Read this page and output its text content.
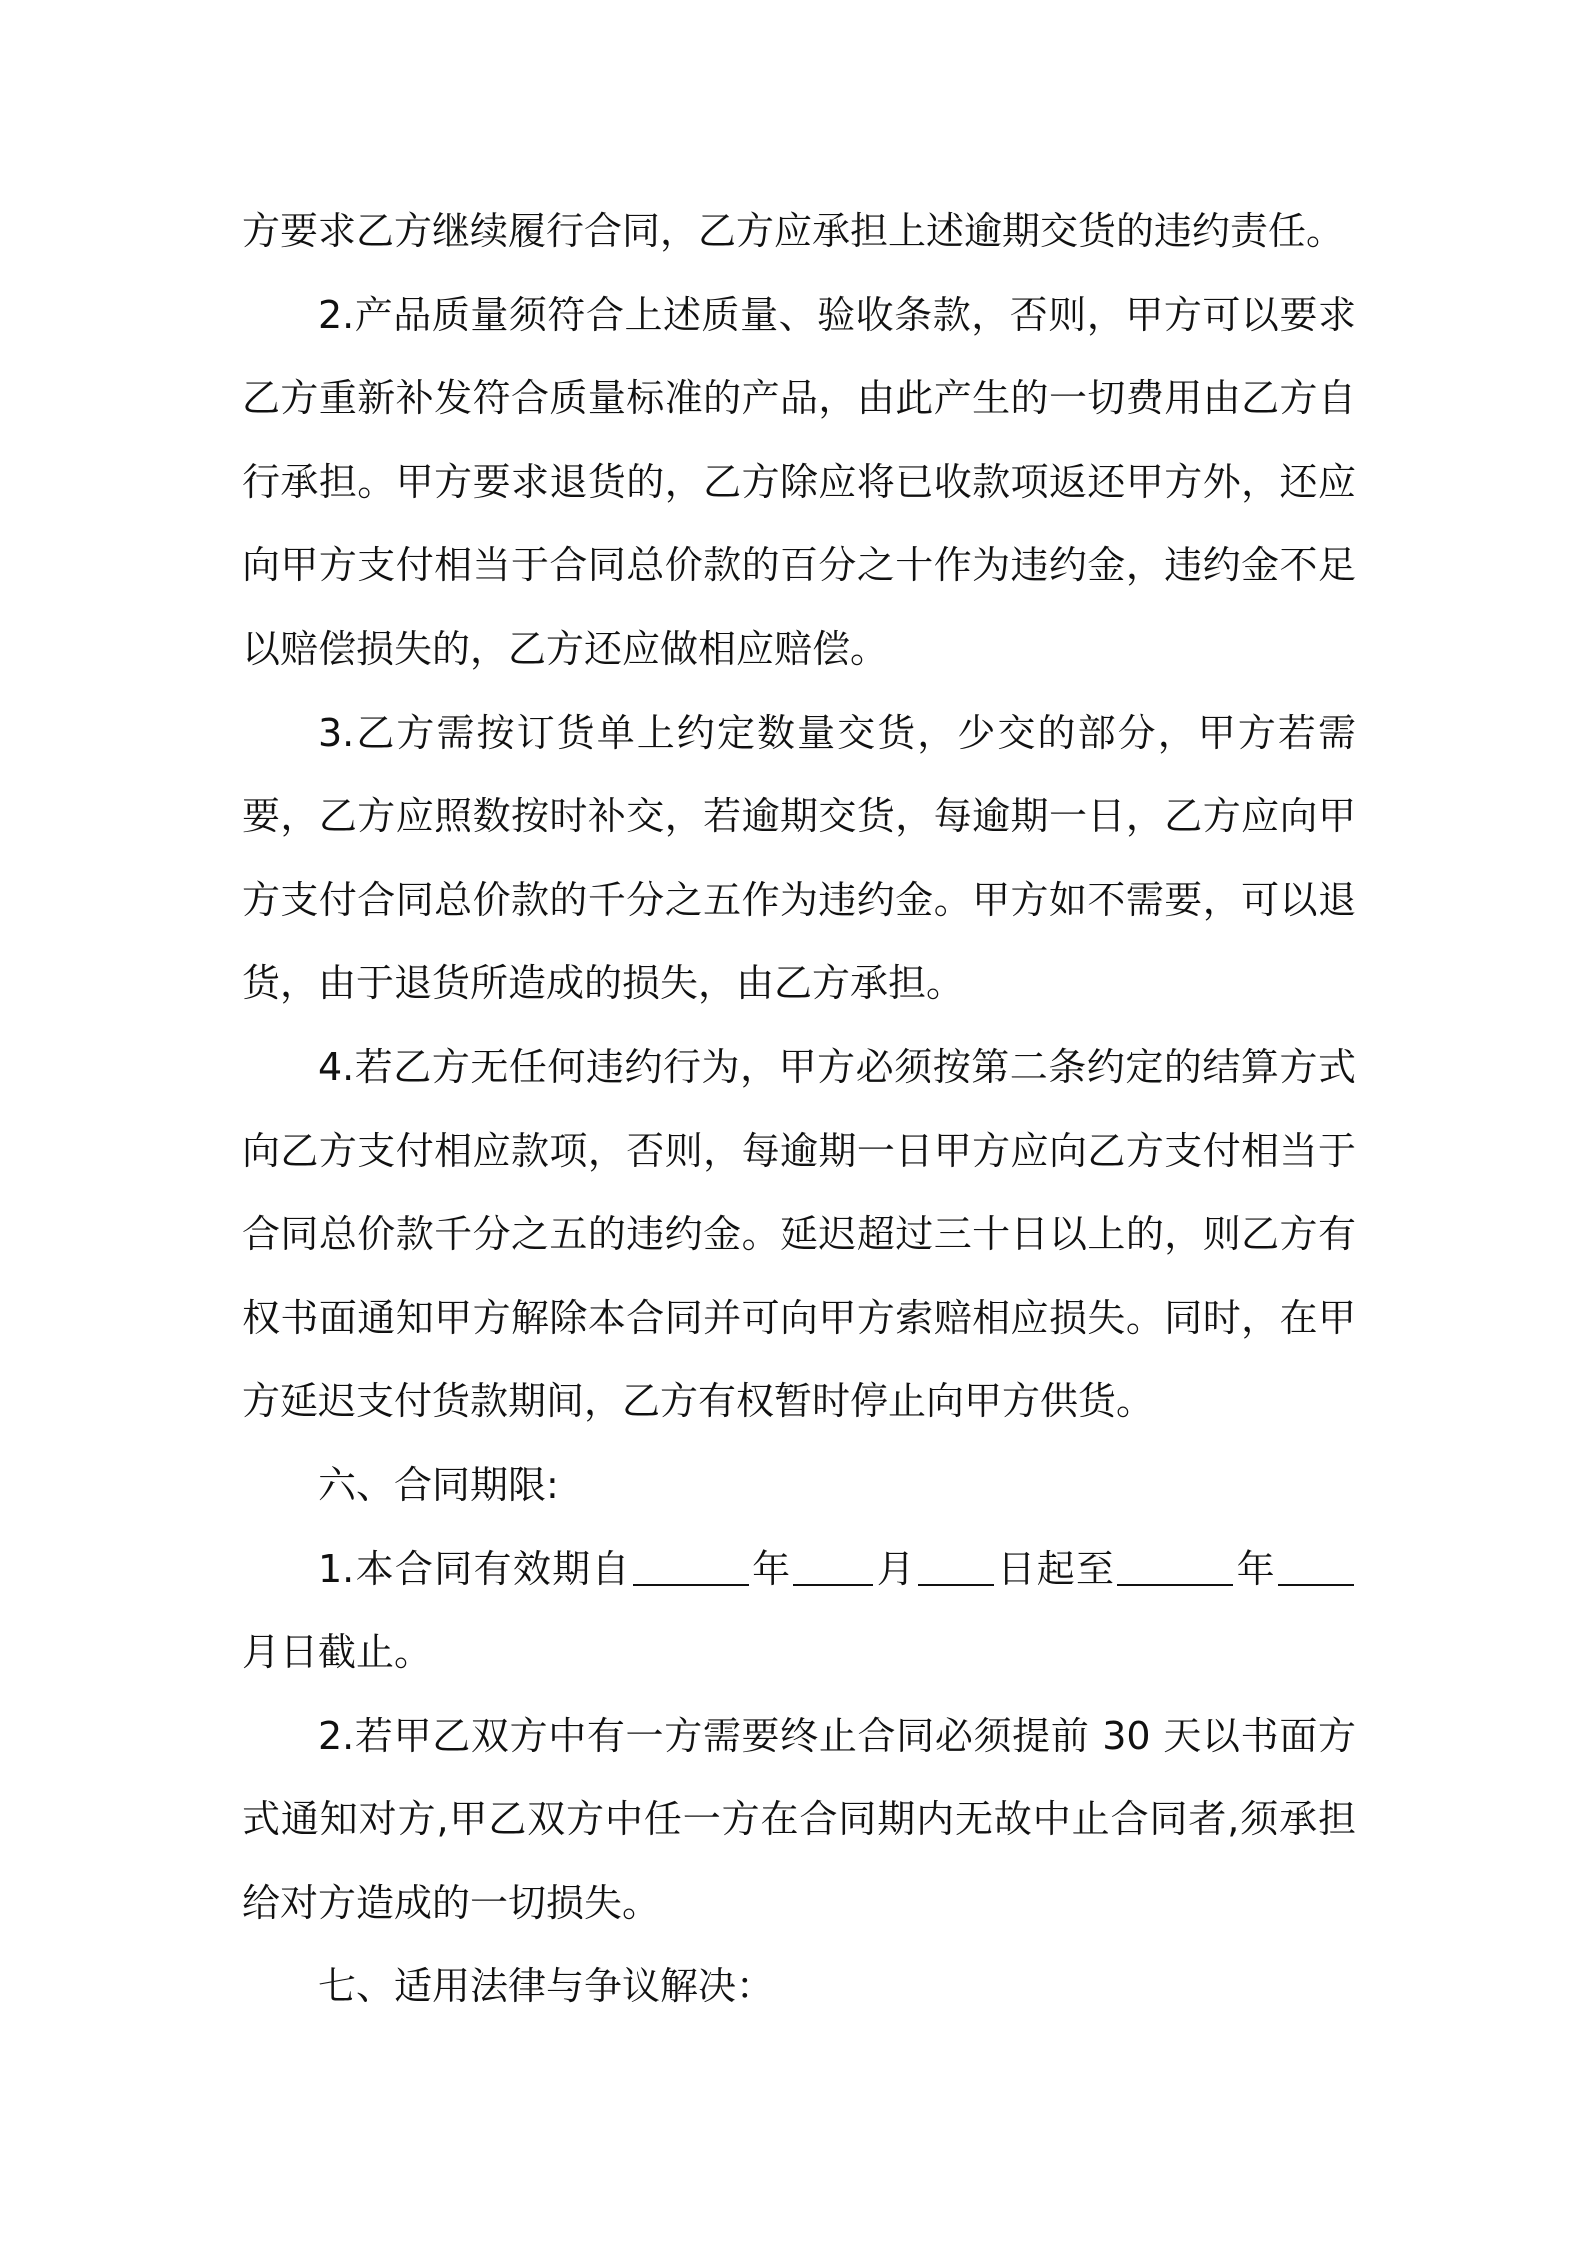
方要求乙方继续履行合同，乙方应承担上述逾期交货的违约责任。

2.产品质量须符合上述质量、验收条款，否则，甲方可以要求乙方重新补发符合质量标准的产品，由此产生的一切费用由乙方自行承担。甲方要求退货的，乙方除应将已收款项返还甲方外，还应向甲方支付相当于合同总价款的百分之十作为违约金，违约金不足以赔偿损失的，乙方还应做相应赔偿。

3.乙方需按订货单上约定数量交货，少交的部分，甲方若需要，乙方应照数按时补交，若逾期交货，每逾期一日，乙方应向甲方支付合同总价款的千分之五作为违约金。甲方如不需要，可以退货，由于退货所造成的损失，由乙方承担。

4.若乙方无任何违约行为，甲方必须按第二条约定的结算方式向乙方支付相应款项，否则，每逾期一日甲方应向乙方支付相当于合同总价款千分之五的违约金。延迟超过三十日以上的，则乙方有权书面通知甲方解除本合同并可向甲方索赔相应损失。同时，在甲方延迟支付货款期间，乙方有权暂时停止向甲方供货。

六、合同期限:

1.本合同有效期自	年 月 日起至	年月日截止。

2.若甲乙双方中有一方需要终止合同必须提前 30 天以书面方式通知对方,甲乙双方中任一方在合同期内无故中止合同者,须承担给对方造成的一切损失。

七、适用法律与争议解决：
